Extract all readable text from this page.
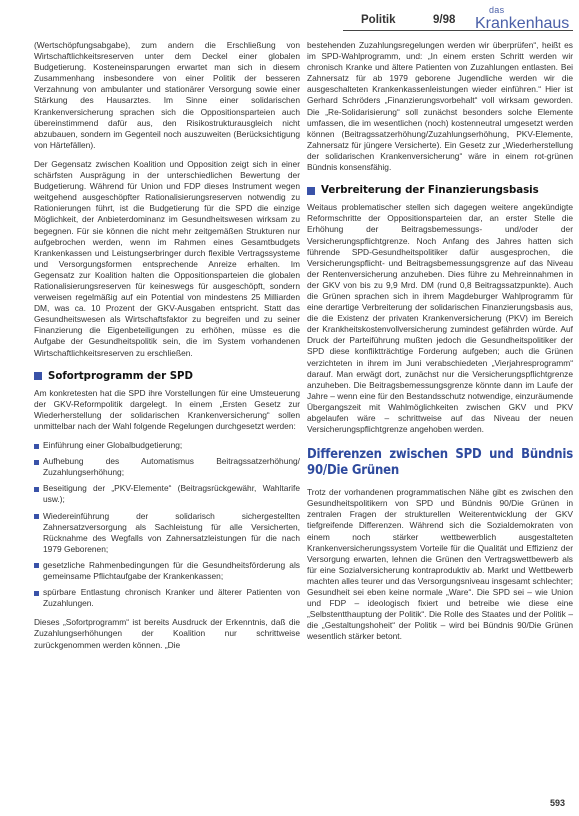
Politik	9/98
das
Krankenhaus

(Wertschöpfungsabgabe), zum andern die Erschließung von Wirtschaftlichkeitsreserven unter dem Deckel einer globalen Budgetierung. Kosteneinsparungen erwartet man sich in diesem Zusammenhang insbesondere von einer Politik der besseren Verzahnung von ambulanter und stationärer Versorgung sowie einer Stärkung des Hausarztes. Im Sinne einer solidarischen Krankenversicherung sprachen sich die Oppositionsparteien auch übereinstimmend dafür aus, den Risikostrukturausgleich nicht abzubauen, sondern im Gegenteil noch auszuweiten (Berücksichtigung von Härtefällen).

Der Gegensatz zwischen Koalition und Opposition zeigt sich in einer schärfsten Ausprägung in der unterschiedlichen Bewertung der Budgetierung. Während für Union und FDP dieses Instrument wegen weitgehend ausgeschöpfter Rationalisierungsreserven notwendig zu Rationierungen führt, ist die Budgetierung für die SPD die einzige Möglichkeit, der Anbieterdominanz im Gesundheitswesen wirksam zu begegnen. Für sie können die nicht mehr zeitgemäßen Strukturen nur aufgebrochen werden, wenn im Rahmen eines Gesamtbudgets Krankenkassen und Leistungserbringer durch flexible Vertragssysteme und Versorgungsformen entsprechende Anreize erhalten. Im Gegensatz zur Koalition halten die Oppositionsparteien die globalen Rationalisierungsreserven für keineswegs für ausgeschöpft, sondern verweisen regelmäßig auf ein Potential von mindestens 25 Milliarden DM, was ca. 10 Prozent der GKV-Ausgaben entspricht. Statt das Gesundheitswesen als Wirtschaftsfaktor zu begreifen und zu seiner Finanzierung die Eigenbeteiligungen zu erhöhen, müsse es die Aufgabe der Gesundheitspolitik sein, die im System vorhandenen Wirtschaftlichkeitsreserven zu erschließen.

Sofortprogramm der SPD

Am konkretesten hat die SPD ihre Vorstellungen für eine Umsteuerung der GKV-Reformpolitik dargelegt. In einem „Ersten Gesetz zur Wiederherstellung der solidarischen Krankenversicherung“ sollen unmittelbar nach der Wahl folgende Regelungen durchgesetzt werden:

Einführung einer Globalbudgetierung;
Aufhebung des Automatismus Beitragssatzerhöhung/ Zuzahlungserhöhung;
Beseitigung der „PKV-Elemente“ (Beitragsrückgewähr, Wahltarife usw.);
Wiedereinführung der solidarisch sichergestellten Zahnersatzversorgung als Sachleistung für alle Versicherten, Rücknahme des Wegfalls von Zahnersatzleistungen für die nach 1979 Geborenen;
gesetzliche Rahmenbedingungen für die Gesundheitsförderung als gemeinsame Pflichtaufgabe der Krankenkassen;
spürbare Entlastung chronisch Kranker und älterer Patienten von Zuzahlungen.

Dieses „Sofortprogramm“ ist bereits Ausdruck der Erkenntnis, daß die Zuzahlungserhöhungen der Koalition nur schrittweise zurückgenommen werden können. „Die

bestehenden Zuzahlungsregelungen werden wir überprüfen“, heißt es im SPD-Wahlprogramm, und: „In einem ersten Schritt werden wir chronisch Kranke und ältere Patienten von Zuzahlungen entlasten. Bei Zahnersatz für ab 1979 geborene Jugendliche werden wir die ausgeschalteten Krankenkassenleistungen wieder einführen.“ Hier ist Gerhard Schröders „Finanzierungsvorbehalt“ voll wirksam geworden. Die „Re-Solidarisierung“ soll zunächst besonders solche Elemente umfassen, die im wesentlichen (noch) kostenneutral umgesetzt werden können (Beitragssatzerhöhung/Zuzahlungserhöhung, PKV-Elemente, Zahnersatz für jüngere Versicherte). Ein Gesetz zur „Wiederherstellung der solidarischen Krankenversicherung“ wäre in einem rot-grünen Bündnis konsensfähig.

Verbreiterung der Finanzierungsbasis

Weitaus problematischer stellen sich dagegen weitere angekündigte Reformschritte der Oppositionsparteien dar, an erster Stelle die Erhöhung der Beitragsbemessungs- und/oder der Versicherungspflichtgrenze. Noch Anfang des Jahres hatten sich führende SPD-Gesundheitspolitiker dafür ausgesprochen, die Versicherungspflicht- und Beitragsbemessungsgrenze auf das Niveau der Rentenversicherung anzuheben. Dies führe zu Mehreinnahmen in der GKV von bis zu 9,9 Mrd. DM (rund 0,8 Beitragssatzpunkte). Auch die Grünen sprachen sich in ihrem Magdeburger Wahlprogramm für eine derartige Verbreiterung der solidarischen Finanzierungsbasis aus, die die Existenz der privaten Krankenversicherung (PKV) im Bereich der Krankheitskostenvollversicherung zumindest gefährden würde. Auf Druck der Parteiführung mußten jedoch die Gesundheitspolitiker der SPD diese konfliktträchtige Forderung aufgeben; auch die Grünen verzichteten in ihrem im Juni verabschiedeten „Vierjahresprogramm“ darauf. Man erwägt dort, zunächst nur die Versicherungspflichtgrenze anzuheben. Die Beitragsbemessungsgrenze könnte dann im Laufe der Jahre – wenn eine für den Bestandsschutz notwendige, einzuräumende Übergangszeit mit Wahlmöglichkeiten zwischen GKV und PKV abgelaufen wäre – schrittweise auf das Niveau der neuen Versicherungspflichtgrenze angehoben werden.

Differenzen zwischen SPD und Bündnis 90/Die Grünen

Trotz der vorhandenen programmatischen Nähe gibt es zwischen den Gesundheitspolitikern von SPD und Bündnis 90/Die Grünen in zentralen Fragen der strukturellen Weiterentwicklung der GKV tiefgreifende Differenzen. Während sich die Sozialdemokraten von einem noch stärker wettbewerblich ausgestalteten Krankenversicherungssystem Vorteile für die Qualität und Effizienz der Versorgung erwarten, lehnen die Grünen den Vertragswettbewerb als für eine Sozialversicherung kontraproduktiv ab. Markt und Wettbewerb machten alles teurer und das Versorgungsniveau insgesamt schlechter; Gesundheit sei eben keine normale „Ware“. Die SPD sei – wie Union und FDP – ideologisch fixiert und betreibe wie diese eine „Selbstentthauptung der Politik“. Die Rolle des Staates und der Politik – die „Gestaltungshoheit“ der Politik – wird bei Bündnis 90/Die Grünen wesentlich stärker betont.

593
